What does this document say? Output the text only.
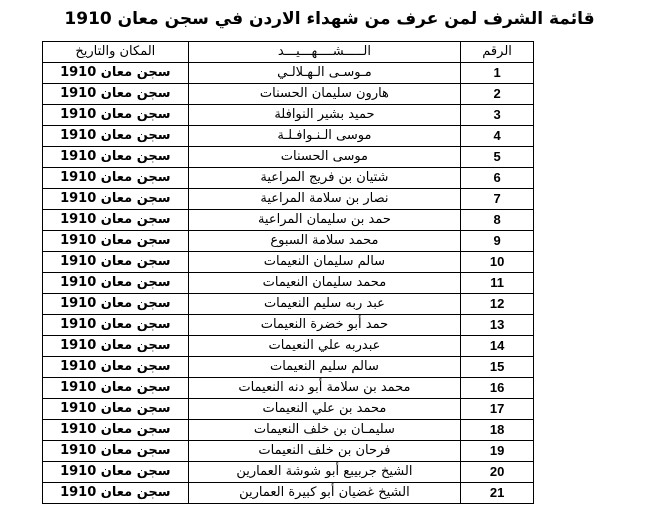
قائمة الشرف لمن عرف من شهداء الاردن في سجن معان 1910
الرقم	الـــــشــــهـــيـــد	المكان والتاريخ
1	مـوسـى الـهـلالـي	سجن معان 1910
2	هارون سليمان الحسنات	سجن معان 1910
3	حميد بشير النوافلة	سجن معان 1910
4	موسى الـنـوافـلـة	سجن معان 1910
5	موسى الحسنات	سجن معان 1910
6	شتيان بن فريج المراعية	سجن معان 1910
7	نصار بن سلامة المراعية	سجن معان 1910
8	حمد بن سليمان المراعية	سجن معان 1910
9	محمد سلامة السبوع	سجن معان 1910
10	سالم سليمان النعيمات	سجن معان 1910
11	محمد سليمان النعيمات	سجن معان 1910
12	عبد ربه سليم النعيمات	سجن معان 1910
13	حمد أبو خضرة النعيمات	سجن معان 1910
14	عبدربه علي النعيمات	سجن معان 1910
15	سالم سليم النعيمات	سجن معان 1910
16	محمد بن سلامة أبو دنه النعيمات	سجن معان 1910
17	محمد بن علي النعيمات	سجن معان 1910
18	سليمـان بن خلف النعيمات	سجن معان 1910
19	فرحان بن خلف النعيمات	سجن معان 1910
20	الشيخ جربيبع أبو شوشة العمارين	سجن معان 1910
21	الشيخ غضيان أبو كبيرة العمارين	سجن معان 1910
